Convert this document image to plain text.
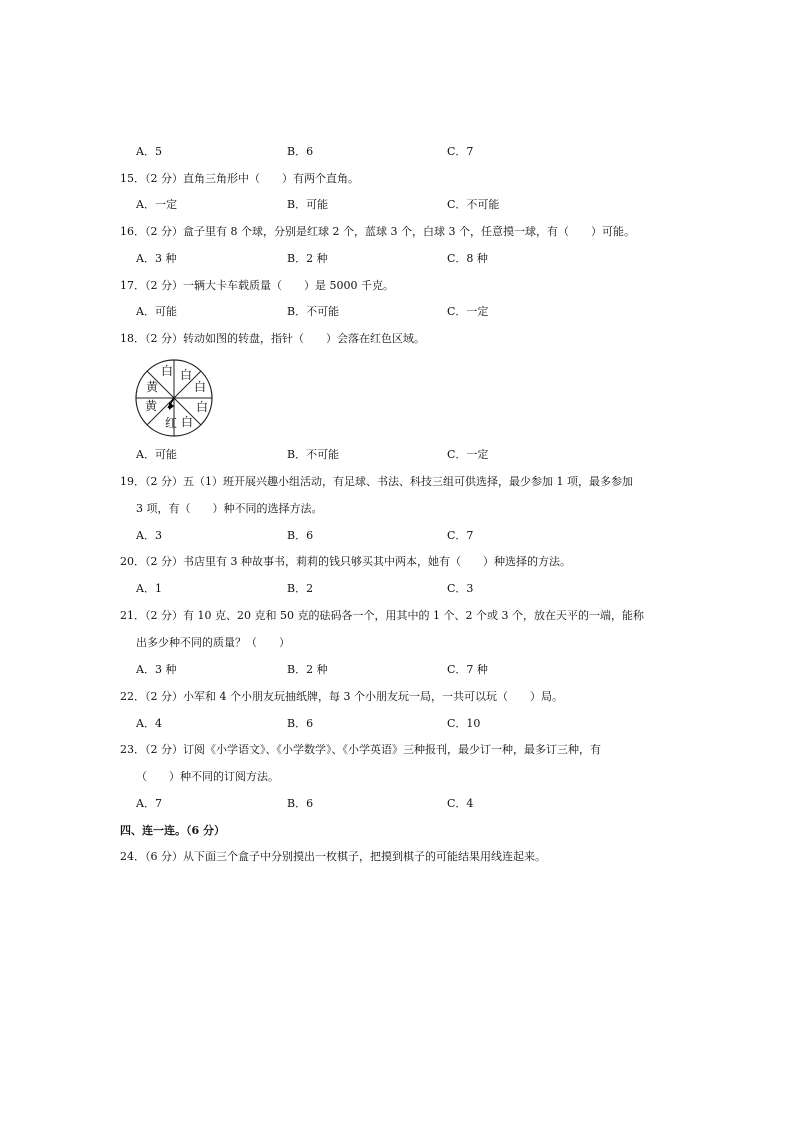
A．5	B．6	C．7
15．（2 分）直角三角形中（　　）有两个直角。
A．一定	B．可能	C．不可能
16．（2 分）盒子里有 8 个球，分别是红球 2 个，蓝球 3 个，白球 3 个，任意摸一球，有（　　）可能。
A．3 种	B．2 种	C．8 种
17．（2 分）一辆大卡车载质量（　　）是 5000 千克。
A．可能	B．不可能	C．一定
18．（2 分）转动如图的转盘，指针（　　）会落在红色区域。
白 白
白
白
白
红
黄
黄
A．可能	B．不可能	C．一定
19．（2 分）五（1）班开展兴趣小组活动，有足球、书法、科技三组可供选择，最少参加 1 项，最多参加
3 项，有（　　）种不同的选择方法。
A．3	B．6	C．7
20．（2 分）书店里有 3 种故事书，莉莉的钱只够买其中两本，她有（　　）种选择的方法。
A．1	B．2	C．3
21．（2 分）有 10 克、20 克和 50 克的砝码各一个，用其中的 1 个、2 个或 3 个，放在天平的一端，能称
出多少种不同的质量？（　　）
A．3 种	B．2 种	C．7 种
22．（2 分）小军和 4 个小朋友玩抽纸牌，每 3 个小朋友玩一局，一共可以玩（　　）局。
A．4	B．6	C．10
23．（2 分）订阅《小学语文》、《小学数学》、《小学英语》三种报刊，最少订一种，最多订三种，有
（　　）种不同的订阅方法。
A．7	B．6	C．4
四、连一连。（6 分）
24．（6 分）从下面三个盒子中分别摸出一枚棋子，把摸到棋子的可能结果用线连起来。
